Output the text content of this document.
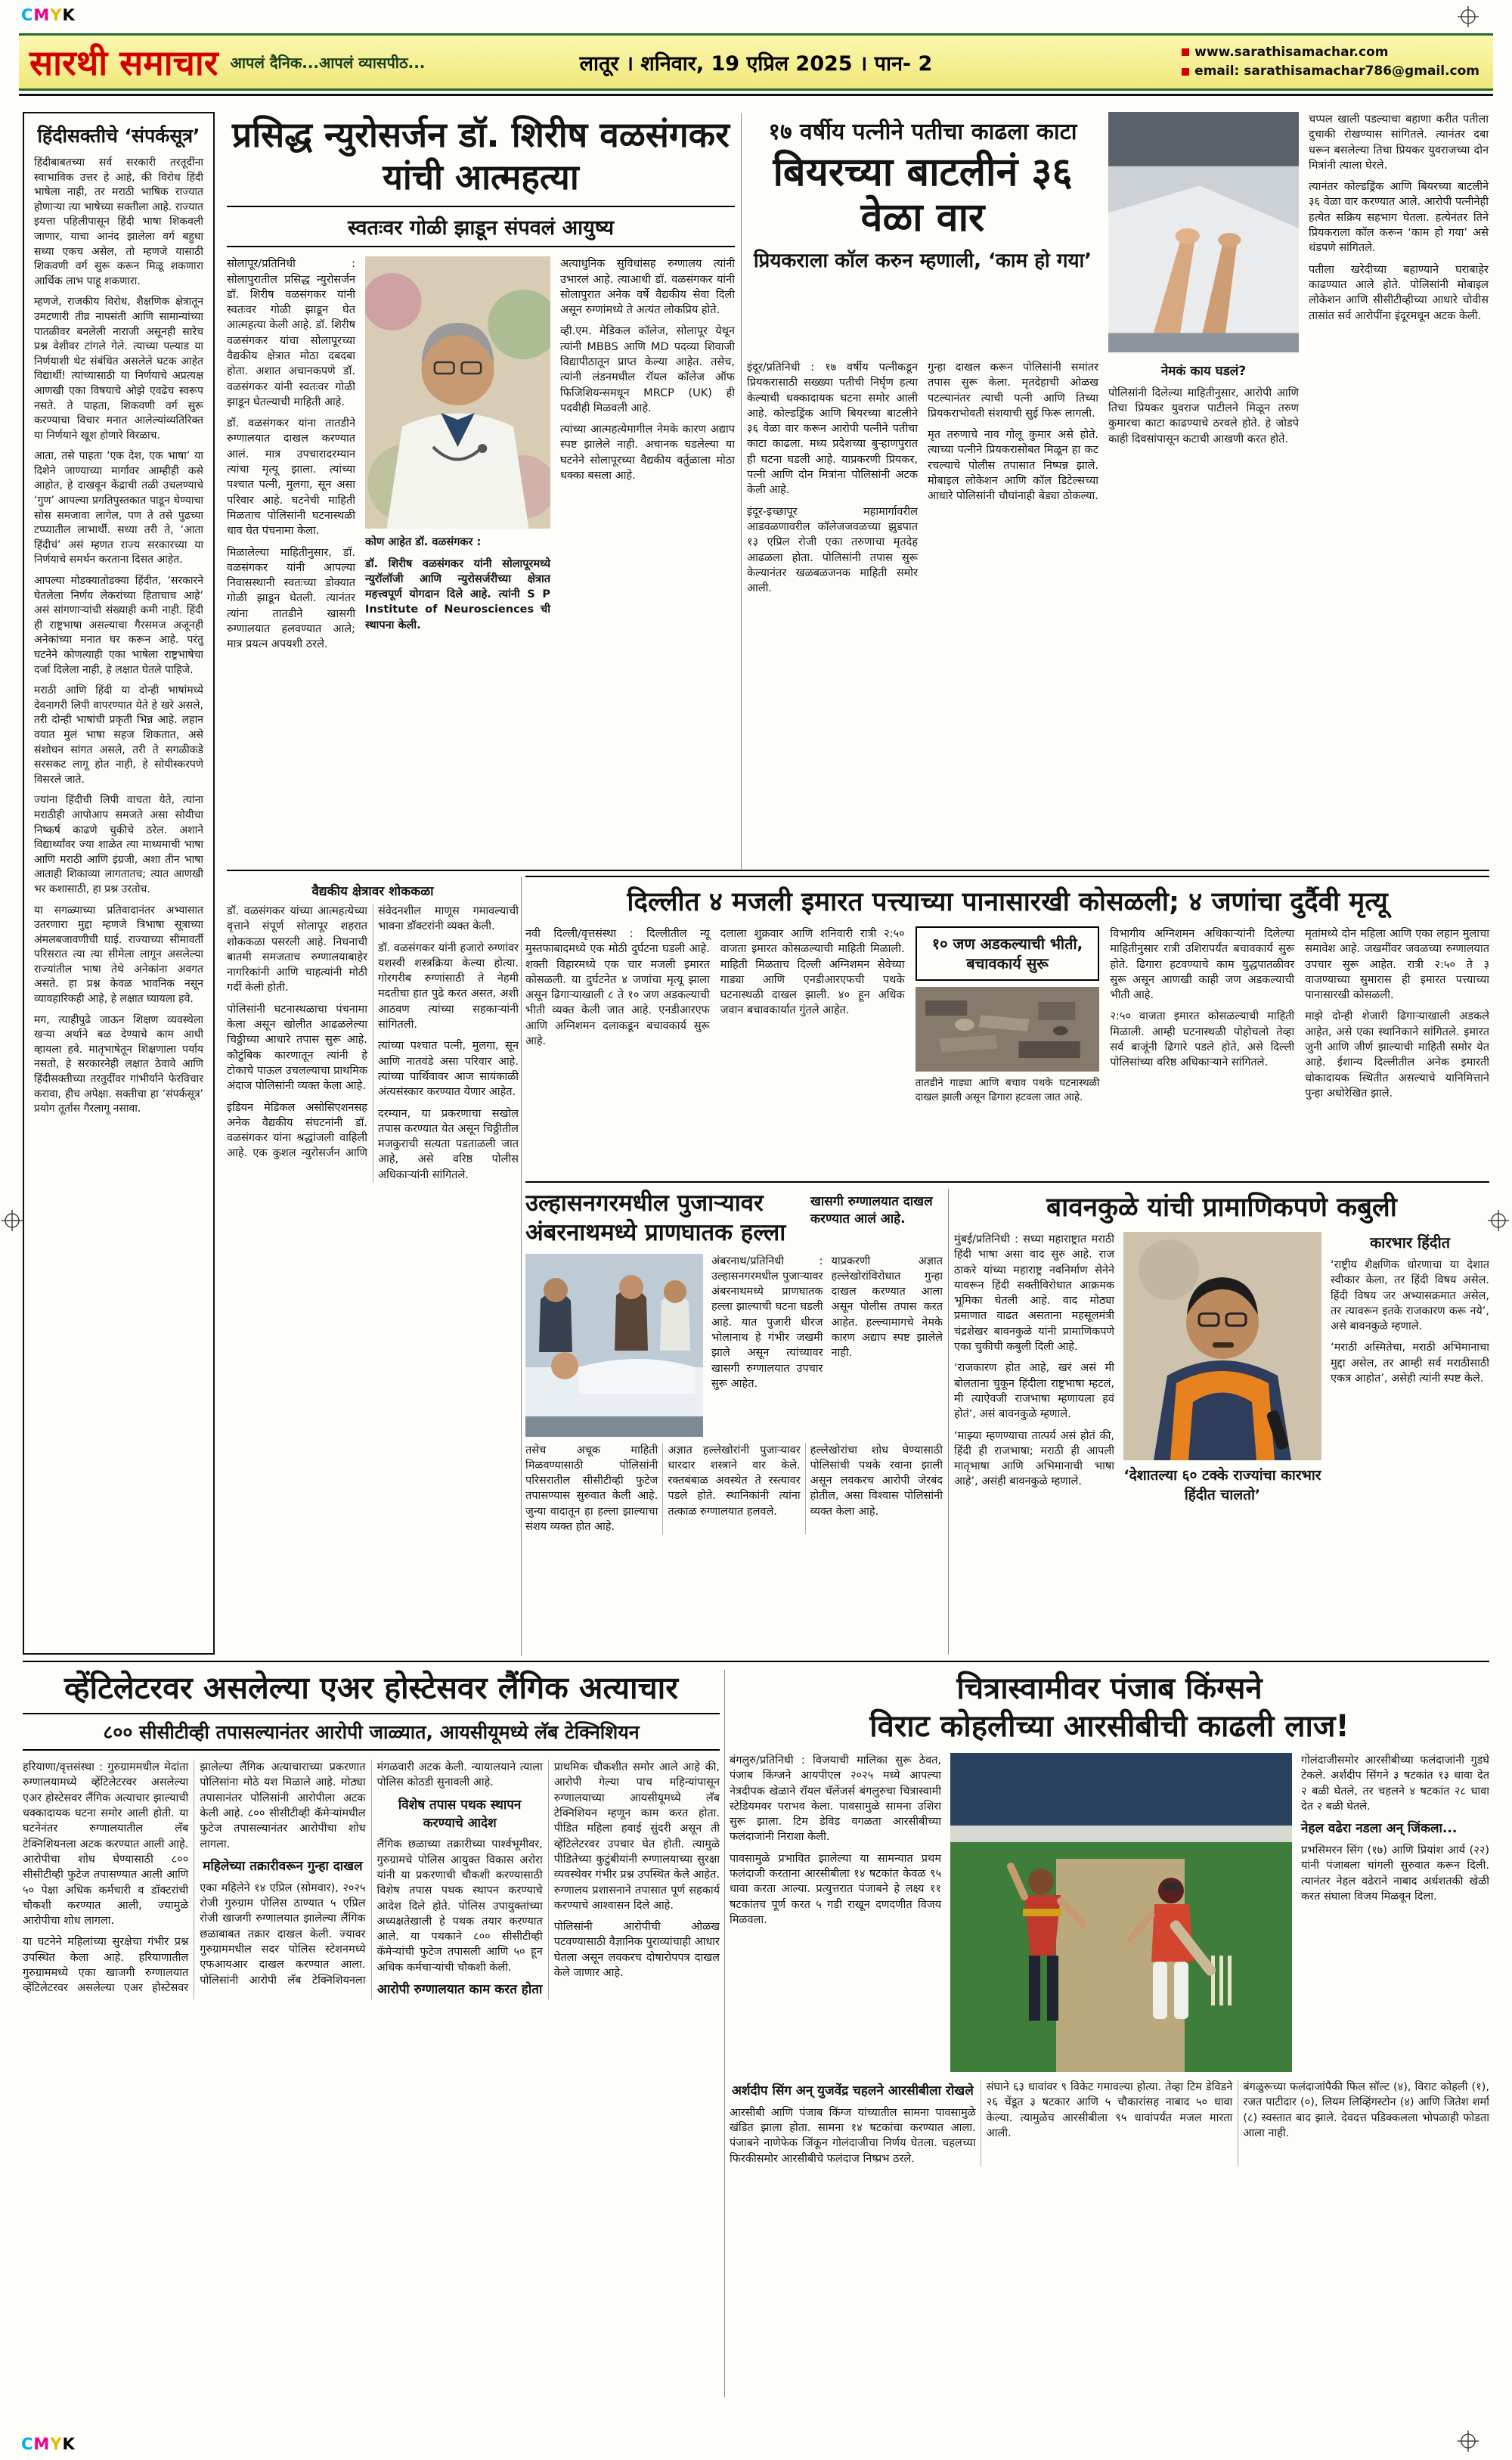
CMYK
CMYK
सारथी समाचार आपलं दैनिक...आपलं व्यासपीठ...	लातूर । शनिवार, 19 एप्रिल 2025 । पान- 2	www.sarathisamachar.com
email: sarathisamachar786@gmail.com
हिंदीसक्तीचे ‘संपर्कसूत्र’

हिंदीबाबतच्या सर्व सरकारी तरतूदींना स्वाभाविक उत्तर हे आहे, की विरोध हिंदी भाषेला नाही, तर मराठी भाषिक राज्यात होणाऱ्या त्या भाषेच्या सक्तीला आहे. राज्यात इयत्ता पहिलीपासून हिंदी भाषा शिकवली जाणार, याचा आनंद झालेला वर्ग बहुधा सध्या एकच असेल, तो म्हणजे यासाठी शिकवणी वर्ग सुरू करून मिळू शकणारा आर्थिक लाभ पाहू शकणारा.

म्हणजे, राजकीय विरोध, शैक्षणिक क्षेत्रातून उमटणारी तीव्र नापसंती आणि सामान्यांच्या पातळीवर बनलेली नाराजी असूनही सारेच प्रश्न वेशीवर टांगले गेले. त्याच्या पल्याड या निर्णयाशी थेट संबंधित असलेले घटक आहेत विद्यार्थी! त्यांच्यासाठी या निर्णयाचे अप्रत्यक्ष आणखी एका विषयाचे ओझे एवढेच स्वरूप नसते. ते पाहता, शिकवणी वर्ग सुरू करण्याचा विचार मनात आलेल्यांव्यतिरिक्त या निर्णयाने खूश होणारे विरळाच.

आता, तसे पाहता ‘एक देश, एक भाषा’ या दिशेने जाण्याच्या मार्गावर आम्हीही कसे आहोत, हे दाखवून केंद्राची तळी उचलण्याचे ‘गुण’ आपल्या प्रगतिपुस्तकात पाडून घेण्याचा सोस समजावा लागेल, पण ते तसे पुढच्या टप्प्यातील लाभार्थी. सध्या तरी ते, ‘आता हिंदीचं’ असं म्हणत राज्य सरकारच्या या निर्णयाचे समर्थन करताना दिसत आहेत.

आपल्या मोडक्यातोडक्या हिंदीत, ‘सरकारने घेतलेला निर्णय लेकरांच्या हिताचाच आहे’ असं सांगणाऱ्यांची संख्याही कमी नाही. हिंदी ही राष्ट्रभाषा असल्याचा गैरसमज अजूनही अनेकांच्या मनात घर करून आहे. परंतु घटनेने कोणत्याही एका भाषेला राष्ट्रभाषेचा दर्जा दिलेला नाही, हे लक्षात घेतले पाहिजे.

मराठी आणि हिंदी या दोन्ही भाषांमध्ये देवनागरी लिपी वापरण्यात येते हे खरे असले, तरी दोन्ही भाषांची प्रकृती भिन्न आहे. लहान वयात मुलं भाषा सहज शिकतात, असे संशोधन सांगत असले, तरी ते सगळीकडे सरसकट लागू होत नाही, हे सोयीस्करपणे विसरले जाते.

ज्यांना हिंदीची लिपी वाचता येते, त्यांना मराठीही आपोआप समजते असा सोयीचा निष्कर्ष काढणे चुकीचे ठरेल. अशाने विद्यार्थ्यांवर ज्या शाळेत त्या माध्यमाची भाषा आणि मराठी आणि इंग्रजी, अशा तीन भाषा आताही शिकाव्या लागतातच; त्यात आणखी भर कशासाठी, हा प्रश्न उरतोच.

या सगळ्याच्या प्रतिवादानंतर अभ्यासात उतरणारा मुद्दा म्हणजे त्रिभाषा सूत्राच्या अंमलबजावणीची घाई. राज्याच्या सीमावर्ती परिसरात त्या त्या सीमेला लागून असलेल्या राज्यांतील भाषा तेथे अनेकांना अवगत असते. हा प्रश्न केवळ भावनिक नसून व्यावहारिकही आहे, हे लक्षात घ्यायला हवे.

मग, त्याहीपुढे जाऊन शिक्षण व्यवस्थेला खऱ्या अर्थाने बळ देण्याचे काम आधी व्हायला हवे. मातृभाषेतून शिक्षणाला पर्याय नसतो, हे सरकारनेही लक्षात ठेवावे आणि हिंदीसक्तीच्या तरतुदींवर गांभीर्याने फेरविचार करावा, हीच अपेक्षा. सक्तीचा हा ‘संपर्कसूत्र’ प्रयोग तूर्तास गैरलागू नसावा.

प्रसिद्ध न्युरोसर्जन डॉ. शिरीष वळसंगकर यांची आत्महत्या
स्वतःवर गोळी झाडून संपवलं आयुष्य

सोलापूर/प्रतिनिधी : सोलापुरातील प्रसिद्ध न्युरोसर्जन डॉ. शिरीष वळसंगकर यांनी स्वतःवर गोळी झाडून घेत आत्महत्या केली आहे. डॉ. शिरीष वळसंगकर यांचा सोलापूरच्या वैद्यकीय क्षेत्रात मोठा दबदबा होता. अशात अचानकपणे डॉ. वळसंगकर यांनी स्वतःवर गोळी झाडून घेतल्याची माहिती आहे.

डॉ. वळसंगकर यांना तातडीने रुग्णालयात दाखल करण्यात आलं. मात्र उपचारादरम्यान त्यांचा मृत्यू झाला. त्यांच्या पश्चात पत्नी, मुलगा, सून असा परिवार आहे. घटनेची माहिती मिळताच पोलिसांनी घटनास्थळी धाव घेत पंचनामा केला.

मिळालेल्या माहितीनुसार, डॉ. वळसंगकर यांनी आपल्या निवासस्थानी स्वतःच्या डोक्यात गोळी झाडून घेतली. त्यानंतर त्यांना तातडीने खासगी रुग्णालयात हलवण्यात आले; मात्र प्रयत्न अपयशी ठरले.

कोण आहेत डॉ. वळसंगकर :

डॉ. शिरीष वळसंगकर यांनी सोलापूरमध्ये न्युरॉलॉजी आणि न्युरोसर्जरीच्या क्षेत्रात महत्त्वपूर्ण योगदान दिले आहे. त्यांनी S P Institute of Neurosciences ची स्थापना केली.

अत्याधुनिक सुविधांसह रुग्णालय त्यांनी उभारलं आहे. त्याआधी डॉ. वळसंगकर यांनी सोलापुरात अनेक वर्षे वैद्यकीय सेवा दिली असून रुग्णांमध्ये ते अत्यंत लोकप्रिय होते.

व्ही.एम. मेडिकल कॉलेज, सोलापूर येथून त्यांनी MBBS आणि MD पदव्या शिवाजी विद्यापीठातून प्राप्त केल्या आहेत. तसेच, त्यांनी लंडनमधील रॉयल कॉलेज ऑफ फिजिशियन्समधून MRCP (UK) ही पदवीही मिळवली आहे.

त्यांच्या आत्महत्येमागील नेमके कारण अद्याप स्पष्ट झालेले नाही. अचानक घडलेल्या या घटनेने सोलापूरच्या वैद्यकीय वर्तुळाला मोठा धक्का बसला आहे.

वैद्यकीय क्षेत्रावर शोककळा

डॉ. वळसंगकर यांच्या आत्महत्येच्या वृत्ताने संपूर्ण सोलापूर शहरात शोककळा पसरली आहे. निधनाची बातमी समजताच रुग्णालयाबाहेर नागरिकांनी आणि चाहत्यांनी मोठी गर्दी केली होती.

पोलिसांनी घटनास्थळाचा पंचनामा केला असून खोलीत आढळलेल्या चिठ्ठीच्या आधारे तपास सुरू आहे. कौटुंबिक कारणातून त्यांनी हे टोकाचे पाऊल उचलल्याचा प्राथमिक अंदाज पोलिसांनी व्यक्त केला आहे.

इंडियन मेडिकल असोसिएशनसह अनेक वैद्यकीय संघटनांनी डॉ. वळसंगकर यांना श्रद्धांजली वाहिली आहे. एक कुशल न्युरोसर्जन आणि संवेदनशील माणूस गमावल्याची भावना डॉक्टरांनी व्यक्त केली.

डॉ. वळसंगकर यांनी हजारो रुग्णांवर यशस्वी शस्त्रक्रिया केल्या होत्या. गोरगरीब रुग्णांसाठी ते नेहमी मदतीचा हात पुढे करत असत, अशी आठवण त्यांच्या सहकाऱ्यांनी सांगितली.

त्यांच्या पश्चात पत्नी, मुलगा, सून आणि नातवंडे असा परिवार आहे. त्यांच्या पार्थिवावर आज सायंकाळी अंत्यसंस्कार करण्यात येणार आहेत.

दरम्यान, या प्रकरणाचा सखोल तपास करण्यात येत असून चिठ्ठीतील मजकुराची सत्यता पडताळली जात आहे, असे वरिष्ठ पोलीस अधिकाऱ्यांनी सांगितले.

१७ वर्षीय पत्नीने पतीचा काढला काटा
बियरच्या बाटलीनं ३६ वेळा वार
प्रियकराला कॉल करुन म्हणाली, ‘काम हो गया’

चप्पल खाली पडल्याचा बहाणा करीत पतीला दुचाकी रोखण्यास सांगितले. त्यानंतर दबा धरून बसलेल्या तिचा प्रियकर युवराजच्या दोन मित्रांनी त्याला घेरले.

त्यानंतर कोल्डड्रिंक आणि बियरच्या बाटलीने ३६ वेळा वार करण्यात आले. आरोपी पत्नीनेही हत्येत सक्रिय सहभाग घेतला. हत्येनंतर तिने प्रियकराला कॉल करून ‘काम हो गया’ असे थंडपणे सांगितले.

पतीला खरेदीच्या बहाण्याने घराबाहेर काढण्यात आले होते. पोलिसांनी मोबाइल लोकेशन आणि सीसीटीव्हीच्या आधारे चोवीस तासांत सर्व आरोपींना इंदूरमधून अटक केली.

इंदूर/प्रतिनिधी : १७ वर्षीय पत्नीकडून प्रियकरासाठी सख्ख्या पतीची निर्घृण हत्या केल्याची धक्कादायक घटना समोर आली आहे. कोल्डड्रिंक आणि बियरच्या बाटलीने ३६ वेळा वार करून आरोपी पत्नीने पतीचा काटा काढला. मध्य प्रदेशच्या बुऱ्हाणपुरात ही घटना घडली आहे. याप्रकरणी प्रियकर, पत्नी आणि दोन मित्रांना पोलिसांनी अटक केली आहे.

इंदूर-इच्छापूर महामार्गावरील आडवळणावरील कॉलेजजवळच्या झुडपात १३ एप्रिल रोजी एका तरुणाचा मृतदेह आढळला होता. पोलिसांनी तपास सुरू केल्यानंतर खळबळजनक माहिती समोर आली.

गुन्हा दाखल करून पोलिसांनी समांतर तपास सुरू केला. मृतदेहाची ओळख पटल्यानंतर त्याची पत्नी आणि तिच्या प्रियकराभोवती संशयाची सुई फिरू लागली.

मृत तरुणाचे नाव गोलू कुमार असे होते. त्याच्या पत्नीने प्रियकरासोबत मिळून हा कट रचल्याचे पोलीस तपासात निष्पन्न झाले. मोबाइल लोकेशन आणि कॉल डिटेल्सच्या आधारे पोलिसांनी चौघांनाही बेड्या ठोकल्या.

नेमकं काय घडलं?

पोलिसांनी दिलेल्या माहितीनुसार, आरोपी आणि तिचा प्रियकर युवराज पाटीलने मिळून तरुण कुमारचा काटा काढण्याचे ठरवले होते. हे जोडपे काही दिवसांपासून कटाची आखणी करत होते.

दिल्लीत ४ मजली इमारत पत्त्याच्या पानासारखी कोसळली; ४ जणांचा दुर्दैवी मृत्यू

नवी दिल्ली/वृत्तसंस्था : दिल्लीतील न्यू मुस्तफाबादमध्ये एक मोठी दुर्घटना घडली आहे. शक्ती विहारमध्ये एक चार मजली इमारत कोसळली. या दुर्घटनेत ४ जणांचा मृत्यू झाला असून ढिगाऱ्याखाली ८ ते १० जण अडकल्याची भीती व्यक्त केली जात आहे. एनडीआरएफ आणि अग्निशमन दलाकडून बचावकार्य सुरू आहे.

दलाला शुक्रवार आणि शनिवारी रात्री २:५० वाजता इमारत कोसळल्याची माहिती मिळाली. माहिती मिळताच दिल्ली अग्निशमन सेवेच्या गाड्या आणि एनडीआरएफची पथके घटनास्थळी दाखल झाली. ४० हून अधिक जवान बचावकार्यात गुंतले आहेत.

१० जण अडकल्याची भीती, बचावकार्य सुरू

तातडीने गाड्या आणि बचाव पथके घटनास्थळी दाखल झाली असून ढिगारा हटवला जात आहे.

विभागीय अग्निशमन अधिकाऱ्यांनी दिलेल्या माहितीनुसार रात्री उशिरापर्यंत बचावकार्य सुरू होते. ढिगारा हटवण्याचे काम युद्धपातळीवर सुरू असून आणखी काही जण अडकल्याची भीती आहे.

२:५० वाजता इमारत कोसळल्याची माहिती मिळाली. आम्ही घटनास्थळी पोहोचलो तेव्हा सर्व बाजूंनी ढिगारे पडले होते, असे दिल्ली पोलिसांच्या वरिष्ठ अधिकाऱ्याने सांगितले.

मृतांमध्ये दोन महिला आणि एका लहान मुलाचा समावेश आहे. जखमींवर जवळच्या रुग्णालयात उपचार सुरू आहेत. रात्री २:५० ते ३ वाजण्याच्या सुमारास ही इमारत पत्त्याच्या पानासारखी कोसळली.

माझे दोन्ही शेजारी ढिगाऱ्याखाली अडकले आहेत, असे एका स्थानिकाने सांगितले. इमारत जुनी आणि जीर्ण झाल्याची माहिती समोर येत आहे. ईशान्य दिल्लीतील अनेक इमारती धोकादायक स्थितीत असल्याचे यानिमित्ताने पुन्हा अधोरेखित झाले.

उल्हासनगरमधील पुजाऱ्यावर
अंबरनाथमध्ये प्राणघातक हल्ला
खासगी रुग्णालयात दाखल करण्यात आलं आहे.

अंबरनाथ/प्रतिनिधी : उल्हासनगरमधील पुजाऱ्यावर अंबरनाथमध्ये प्राणघातक हल्ला झाल्याची घटना घडली आहे. यात पुजारी धीरज भोलानाथ हे गंभीर जखमी झाले असून त्यांच्यावर खासगी रुग्णालयात उपचार सुरू आहेत.

याप्रकरणी अज्ञात हल्लेखोरांविरोधात गुन्हा दाखल करण्यात आला असून पोलीस तपास करत आहेत. हल्ल्यामागचे नेमके कारण अद्याप स्पष्ट झालेले नाही.

तसेच अचूक माहिती मिळवण्यासाठी पोलिसांनी परिसरातील सीसीटीव्ही फुटेज तपासण्यास सुरुवात केली आहे. जुन्या वादातून हा हल्ला झाल्याचा संशय व्यक्त होत आहे.

अज्ञात हल्लेखोरांनी पुजाऱ्यावर धारदार शस्त्राने वार केले. रक्तबंबाळ अवस्थेत ते रस्त्यावर पडले होते. स्थानिकांनी त्यांना तत्काळ रुग्णालयात हलवले.

हल्लेखोरांचा शोध घेण्यासाठी पोलिसांची पथके रवाना झाली असून लवकरच आरोपी जेरबंद होतील, असा विश्वास पोलिसांनी व्यक्त केला आहे.

बावनकुळे यांची प्रामाणिकपणे कबुली

मुंबई/प्रतिनिधी : सध्या महाराष्ट्रात मराठी हिंदी भाषा असा वाद सुरु आहे. राज ठाकरे यांच्या महाराष्ट्र नवनिर्माण सेनेने यावरून हिंदी सक्तीविरोधात आक्रमक भूमिका घेतली आहे. वाद मोठ्या प्रमाणात वाढत असताना महसूलमंत्री चंद्रशेखर बावनकुळे यांनी प्रामाणिकपणे एका चुकीची कबुली दिली आहे.

‘राजकारण होत आहे, खरं असं मी बोलताना चुकून हिंदीला राष्ट्रभाषा म्हटलं, मी त्याऐवजी राजभाषा म्हणायला हवं होतं’, असं बावनकुळे म्हणाले.

‘माझ्या म्हणण्याचा तात्पर्य असं होतं की, हिंदी ही राजभाषा; मराठी ही आपली मातृभाषा आणि अभिमानाची भाषा आहे’, असंही बावनकुळे म्हणाले.	‘देशातल्या ६० टक्के राज्यांचा कारभार हिंदीत चालतो’
कारभार हिंदीत

‘राष्ट्रीय शैक्षणिक धोरणाचा या देशात स्वीकार केला, तर हिंदी विषय असेल. हिंदी विषय जर अभ्यासक्रमात असेल, तर त्यावरून इतके राजकारण करू नये’, असे बावनकुळे म्हणाले.

‘मराठी अस्मितेचा, मराठी अभिमानाचा मुद्दा असेल, तर आम्ही सर्व मराठीसाठी एकत्र आहोत’, असेही त्यांनी स्पष्ट केले.

व्हेंटिलेटरवर असलेल्या एअर होस्टेसवर लैंगिक अत्याचार
८०० सीसीटीव्ही तपासल्यानंतर आरोपी जाळ्यात, आयसीयूमध्ये लॅब टेक्निशियन

हरियाणा/वृत्तसंस्था : गुरुग्राममधील मेदांता रुग्णालयामध्ये व्हेंटिलेटरवर असलेल्या एअर होस्टेसवर लैंगिक अत्याचार झाल्याची धक्कादायक घटना समोर आली होती. या घटनेनंतर रुग्णालयातील लॅब टेक्निशियनला अटक करण्यात आली आहे. आरोपीचा शोध घेण्यासाठी ८०० सीसीटीव्ही फुटेज तपासण्यात आली आणि ५० पेक्षा अधिक कर्मचारी व डॉक्टरांची चौकशी करण्यात आली, ज्यामुळे आरोपीचा शोध लागला.

या घटनेने महिलांच्या सुरक्षेचा गंभीर प्रश्न उपस्थित केला आहे. हरियाणातील गुरुग्राममध्ये एका खाजगी रुग्णालयात व्हेंटिलेटरवर असलेल्या एअर होस्टेसवर झालेल्या लैंगिक अत्याचाराच्या प्रकरणात पोलिसांना मोठे यश मिळाले आहे. मोठ्या तपासानंतर पोलिसांनी आरोपीला अटक केली आहे. ८०० सीसीटीव्ही कॅमेऱ्यांमधील फुटेज तपासल्यानंतर आरोपीचा शोध लागला.

महिलेच्या तक्रारीवरून गुन्हा दाखल

एका महिलेने १४ एप्रिल (सोमवार), २०२५ रोजी गुरुग्राम पोलिस ठाण्यात ५ एप्रिल रोजी खाजगी रुग्णालयात झालेल्या लैंगिक छळाबाबत तक्रार दाखल केली. ज्यावर गुरुग्राममधील सदर पोलिस स्टेशनमध्ये एफआयआर दाखल करण्यात आला. पोलिसांनी आरोपी लॅब टेक्निशियनला मंगळवारी अटक केली. न्यायालयाने त्याला पोलिस कोठडी सुनावली आहे.

विशेष तपास पथक स्थापन करण्याचे आदेश

लैंगिक छळाच्या तक्रारीच्या पार्श्वभूमीवर, गुरुग्रामचे पोलिस आयुक्त विकास अरोरा यांनी या प्रकरणाची चौकशी करण्यासाठी विशेष तपास पथक स्थापन करण्याचे आदेश दिले होते. पोलिस उपायुक्तांच्या अध्यक्षतेखाली हे पथक तयार करण्यात आले. या पथकाने ८०० सीसीटीव्ही कॅमेऱ्यांची फुटेज तपासली आणि ५० हून अधिक कर्मचाऱ्यांची चौकशी केली.

आरोपी रुग्णालयात काम करत होता

प्राथमिक चौकशीत समोर आले आहे की, आरोपी गेल्या पाच महिन्यांपासून रुग्णालयाच्या आयसीयूमध्ये लॅब टेक्निशियन म्हणून काम करत होता. पीडित महिला हवाई सुंदरी असून ती व्हेंटिलेटरवर उपचार घेत होती. त्यामुळे पीडितेच्या कुटुंबीयांनी रुग्णालयाच्या सुरक्षा व्यवस्थेवर गंभीर प्रश्न उपस्थित केले आहेत. रुग्णालय प्रशासनाने तपासात पूर्ण सहकार्य करण्याचे आश्वासन दिले आहे.

पोलिसांनी आरोपीची ओळख पटवण्यासाठी वैज्ञानिक पुराव्यांचाही आधार घेतला असून लवकरच दोषारोपपत्र दाखल केले जाणार आहे.

चित्रास्वामीवर पंजाब किंग्सने
विराट कोहलीच्या आरसीबीची काढली लाज!

बंगलुरु/प्रतिनिधी : विजयाची मालिका सुरू ठेवत, पंजाब किंग्जने आयपीएल २०२५ मध्ये आपल्या नेत्रदीपक खेळाने रॉयल चॅलेंजर्स बंगलुरुचा चित्रास्वामी स्टेडियमवर पराभव केला. पावसामुळे सामना उशिरा सुरू झाला. टिम डेविड वगळता आरसीबीच्या फलंदाजांनी निराशा केली.

पावसामुळे प्रभावित झालेल्या या सामन्यात प्रथम फलंदाजी करताना आरसीबीला १४ षटकांत केवळ ९५ धावा करता आल्या. प्रत्युत्तरात पंजाबने हे लक्ष्य ११ षटकांतच पूर्ण करत ५ गडी राखून दणदणीत विजय मिळवला.

गोलंदाजीसमोर आरसीबीच्या फलंदाजांनी गुडघे टेकले. अर्शदीप सिंगने ३ षटकांत १३ धावा देत २ बळी घेतले, तर चहलने ४ षटकांत २८ धावा देत २ बळी घेतले.

नेहल वढेरा नडला अन् जिंकला...

प्रभसिमरन सिंग (१७) आणि प्रियांश आर्य (२२) यांनी पंजाबला चांगली सुरुवात करून दिली. त्यानंतर नेहल वढेराने नाबाद अर्धशतकी खेळी करत संघाला विजय मिळवून दिला.

अर्शदीप सिंग अन् युजवेंद्र चहलने आरसीबीला रोखले

आरसीबी आणि पंजाब किंग्ज यांच्यातील सामना पावसामुळे खंडित झाला होता. सामना १४ षटकांचा करण्यात आला. पंजाबने नाणेफेक जिंकून गोलंदाजीचा निर्णय घेतला. चहलच्या फिरकीसमोर आरसीबीचे फलंदाज निष्प्रभ ठरले.

संघाने ६३ धावांवर ९ विकेट गमावल्या होत्या. तेव्हा टिम डेविडने २६ चेंडूत ३ षटकार आणि ५ चौकारांसह नाबाद ५० धावा केल्या. त्यामुळेच आरसीबीला ९५ धावांपर्यंत मजल मारता आली.

बंगळुरूच्या फलंदाजांपैकी फिल सॉल्ट (४), विराट कोहली (१), रजत पाटीदार (०), लियम लिव्हिंगस्टोन (४) आणि जितेश शर्मा (८) स्वस्तात बाद झाले. देवदत्त पडिक्कलला भोपळाही फोडता आला नाही.
